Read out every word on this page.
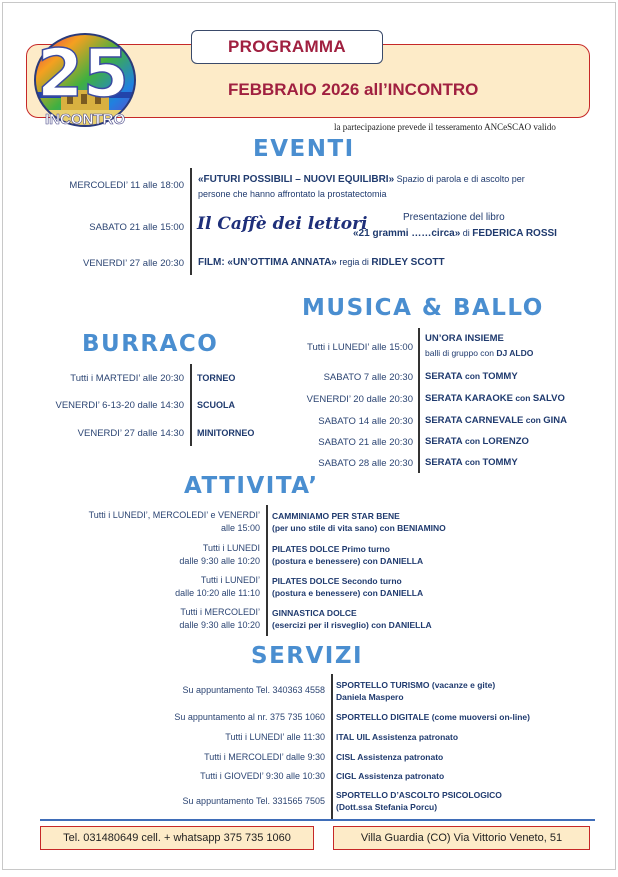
PROGRAMMA
FEBBRAIO 2026 all’INCONTRO
25
INCONTRO	la partecipazione prevede il tesseramento ANCeSCAO valido
EVENTI
MERCOLEDI’ 11 alle 18:00
«FUTURI POSSIBILI – NUOVI EQUILIBRI» Spazio di parola e di ascolto per
persone che hanno affrontato la prostatectomia
SABATO 21 alle 15:00 Il Caffè dei lettori	Presentazione del libro
«21 grammi ……circa» di FEDERICA ROSSI
VENERDI’ 27 alle 20:30 FILM: «UN’OTTIMA ANNATA» regia di RIDLEY SCOTT
MUSICA & BALLO
Tutti i LUNEDI’ alle 15:00
UN’ORA INSIEME
balli di gruppo con DJ ALDO
SABATO 7 alle 20:30 SERATA con TOMMY
VENERDI’ 20 dalle 20:30 SERATA KARAOKE con SALVO
SABATO 14 alle 20:30 SERATA CARNEVALE con GINA
SABATO 21 alle 20:30 SERATA con LORENZO
SABATO 28 alle 20:30 SERATA con TOMMY
BURRACO
Tutti i MARTEDI’ alle 20:30 TORNEO
VENERDI’ 6-13-20 dalle 14:30 SCUOLA
VENERDI’ 27 dalle 14:30 MINITORNEO
ATTIVITA’
Tutti i LUNEDI’, MERCOLEDI’ e VENERDI’
alle 15:00
CAMMINIAMO PER STAR BENE
(per uno stile di vita sano) con BENIAMINO
Tutti i LUNEDI
dalle 9:30 alle 10:20
PILATES DOLCE Primo turno
(postura e benessere) con DANIELLA
Tutti i LUNEDI’
dalle 10:20 alle 11:10
PILATES DOLCE Secondo turno
(postura e benessere) con DANIELLA
Tutti i MERCOLEDI’
dalle 9:30 alle 10:20
GINNASTICA DOLCE
(esercizi per il risveglio) con DANIELLA
SERVIZI
Su appuntamento Tel. 340363 4558 SPORTELLO TURISMO (vacanze e gite)
Daniela Maspero
Su appuntamento al nr. 375 735 1060 SPORTELLO DIGITALE (come muoversi on-line)
Tutti i LUNEDI’ alle 11:30 ITAL UIL Assistenza patronato
Tutti i MERCOLEDI’ dalle 9:30 CISL Assistenza patronato
Tutti i GIOVEDI’ 9:30 alle 10:30 CIGL Assistenza patronato
Su appuntamento Tel. 331565 7505
SPORTELLO D’ASCOLTO PSICOLOGICO
(Dott.ssa Stefania Porcu)
Tel. 031480649 cell. + whatsapp 375 735 1060	Villa Guardia (CO) Via Vittorio Veneto, 51
